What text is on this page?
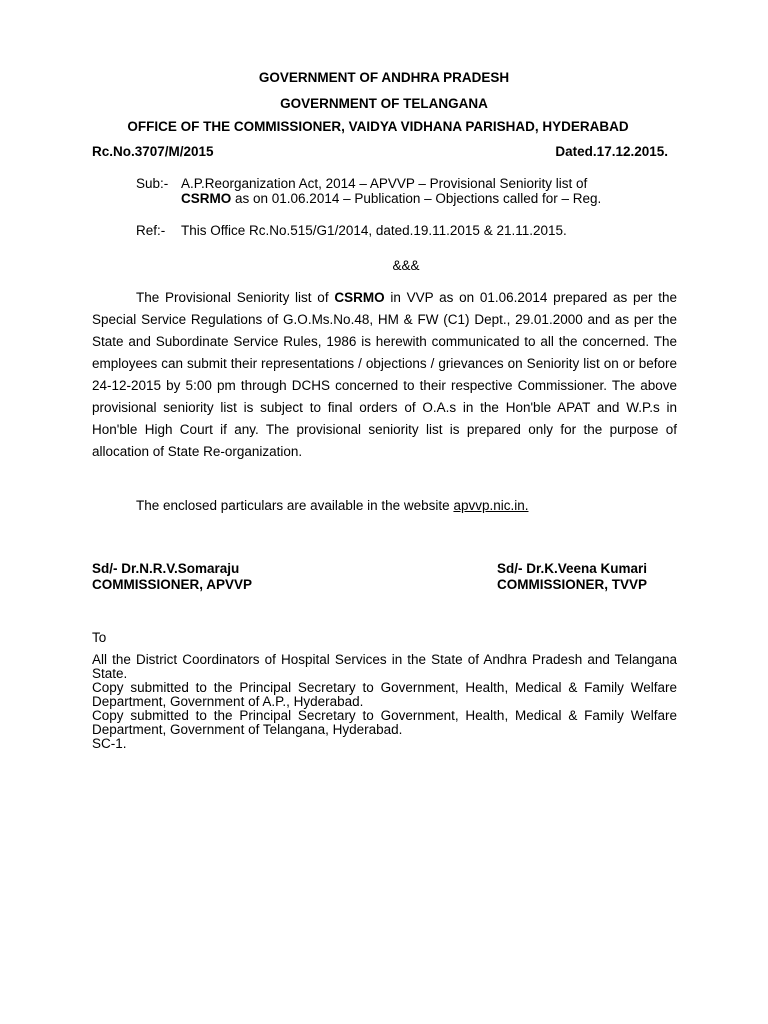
GOVERNMENT OF ANDHRA PRADESH
GOVERNMENT OF TELANGANA
OFFICE OF THE COMMISSIONER, VAIDYA VIDHANA PARISHAD, HYDERABAD
Rc.No.3707/M/2015	Dated.17.12.2015.
Sub:- A.P.Reorganization Act, 2014 – APVVP – Provisional Seniority list of
CSRMO as on 01.06.2014 – Publication – Objections called for – Reg.
Ref:- This Office Rc.No.515/G1/2014, dated.19.11.2015 & 21.11.2015.
&&&
The Provisional Seniority list of CSRMO in VVP as on 01.06.2014 prepared as per the Special Service Regulations of G.O.Ms.No.48, HM & FW (C1) Dept., 29.01.2000 and as per the State and Subordinate Service Rules, 1986 is herewith communicated to all the concerned. The employees can submit their representations / objections / grievances on Seniority list on or before 24-12-2015 by 5:00 pm through DCHS concerned to their respective Commissioner. The above provisional seniority list is subject to final orders of O.A.s in the Hon'ble APAT and W.P.s in Hon'ble High Court if any. The provisional seniority list is prepared only for the purpose of allocation of State Re-organization.
The enclosed particulars are available in the website apvvp.nic.in.
Sd/- Dr.N.R.V.Somaraju
COMMISSIONER, APVVP
Sd/- Dr.K.Veena Kumari
COMMISSIONER, TVVP
To

All the District Coordinators of Hospital Services in the State of Andhra Pradesh and Telangana State.

Copy submitted to the Principal Secretary to Government, Health, Medical & Family Welfare Department, Government of A.P., Hyderabad.

Copy submitted to the Principal Secretary to Government, Health, Medical & Family Welfare Department, Government of Telangana, Hyderabad.

SC-1.
